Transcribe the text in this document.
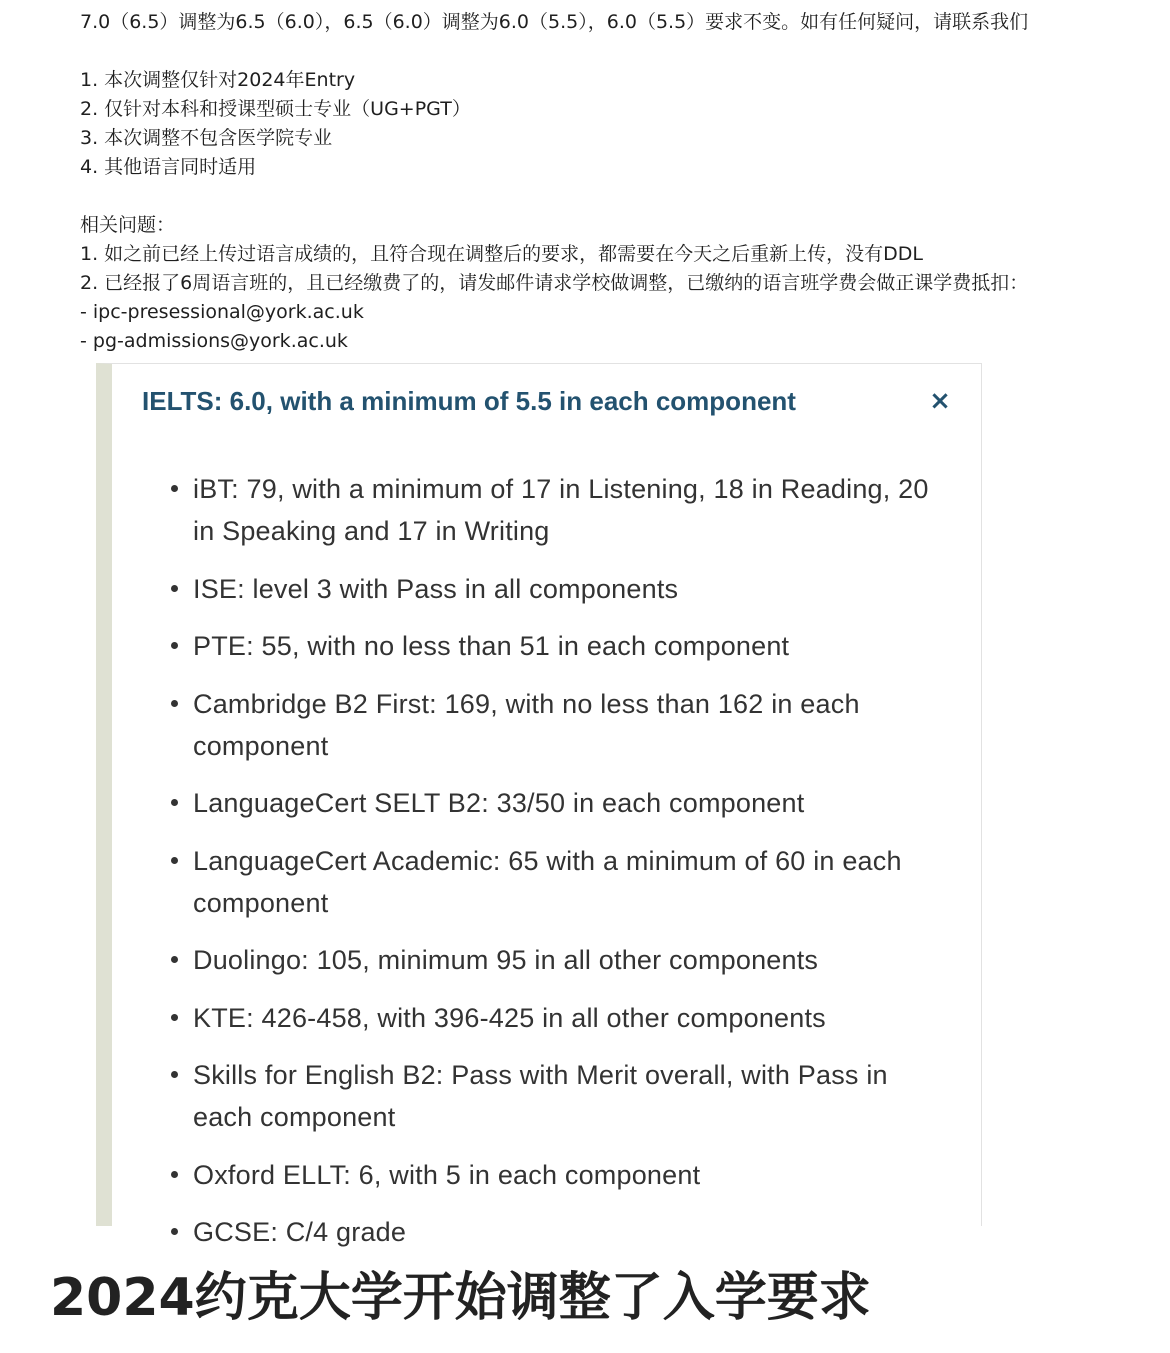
7.0（6.5）调整为6.5（6.0），6.5（6.0）调整为6.0（5.5），6.0（5.5）要求不变。如有任何疑问，请联系我们
1. 本次调整仅针对2024年Entry
2. 仅针对本科和授课型硕士专业（UG+PGT）
3. 本次调整不包含医学院专业
4. 其他语言同时适用
相关问题：
1. 如之前已经上传过语言成绩的，且符合现在调整后的要求，都需要在今天之后重新上传，没有DDL
2. 已经报了6周语言班的，且已经缴费了的，请发邮件请求学校做调整，已缴纳的语言班学费会做正课学费抵扣：
- ipc-presessional@york.ac.uk
- pg-admissions@york.ac.uk
IELTS: 6.0, with a minimum of 5.5 in each component	×
iBT: 79, with a minimum of 17 in Listening, 18 in Reading, 20 in Speaking and 17 in Writing
ISE: level 3 with Pass in all components
PTE: 55, with no less than 51 in each component
Cambridge B2 First: 169, with no less than 162 in each component
LanguageCert SELT B2: 33/50 in each component
LanguageCert Academic: 65 with a minimum of 60 in each component
Duolingo: 105, minimum 95 in all other components
KTE: 426-458, with 396-425 in all other components
Skills for English B2: Pass with Merit overall, with Pass in each component
Oxford ELLT: 6, with 5 in each component
GCSE: C/4 grade
2024约克大学开始调整了入学要求
